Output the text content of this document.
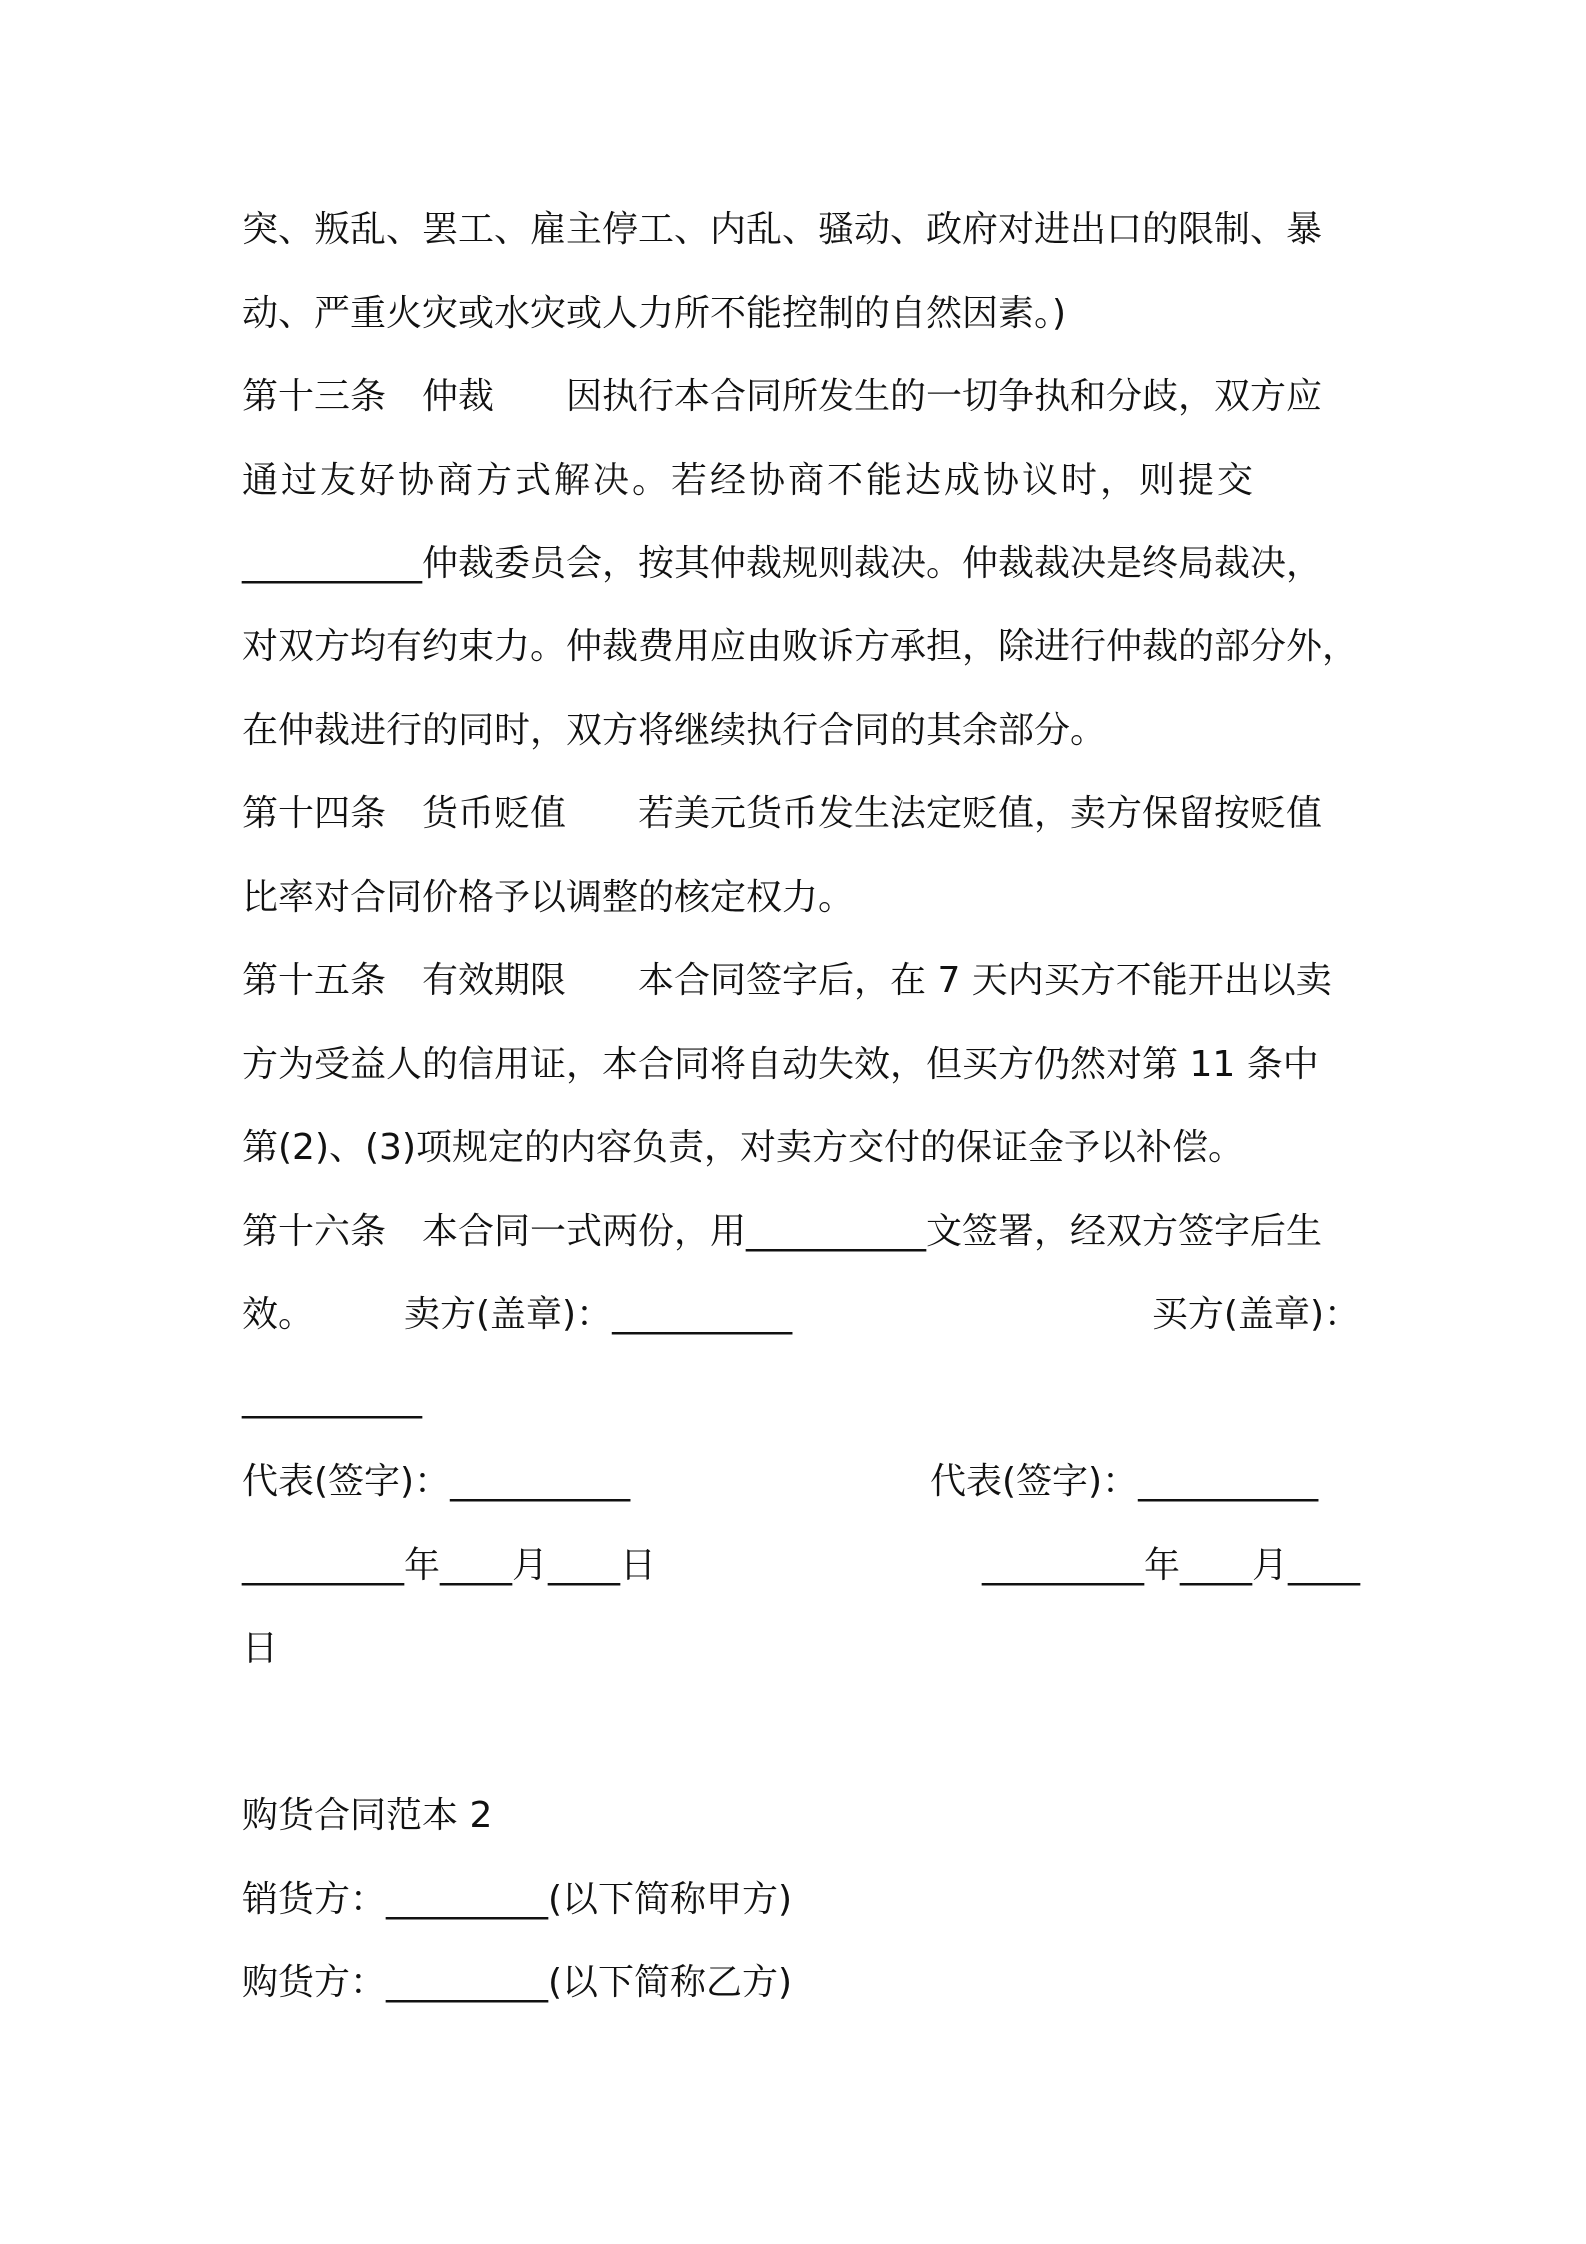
突、叛乱、罢工、雇主停工、内乱、骚动、政府对进出口的限制、暴
动、严重火灾或水灾或人力所不能控制的自然因素。)
第十三条　仲裁　　因执行本合同所发生的一切争执和分歧，双方应
通过友好协商方式解决。若经协商不能达成协议时，则提交
__________仲裁委员会，按其仲裁规则裁决。仲裁裁决是终局裁决，
对双方均有约束力。仲裁费用应由败诉方承担，除进行仲裁的部分外，
在仲裁进行的同时，双方将继续执行合同的其余部分。
第十四条　货币贬值　　若美元货币发生法定贬值，卖方保留按贬值
比率对合同价格予以调整的核定权力。
第十五条　有效期限　　本合同签字后，在 7 天内买方不能开出以卖
方为受益人的信用证，本合同将自动失效，但买方仍然对第 11 条中
第(2)、(3)项规定的内容负责，对卖方交付的保证金予以补偿。
第十六条　本合同一式两份，用__________文签署，经双方签字后生
效。　　　卖方(盖章)：__________	买方(盖章)：
__________
代表(签字)：__________	代表(签字)：__________
_________年____月____日	_________年____月____
日
购货合同范本 2
销货方：_________(以下简称甲方)
购货方：_________(以下简称乙方)
